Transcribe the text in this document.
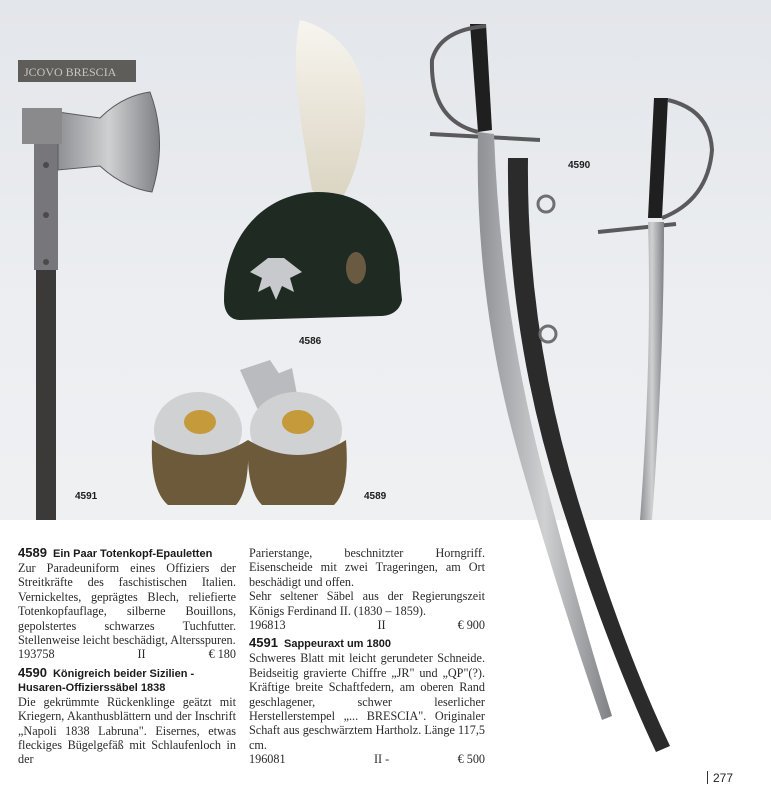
JCOVO BRESCIA
4591
4586
4589
4590
4589 Ein Paar Totenkopf-Epauletten

Zur Paradeuniform eines Offiziers der Streitkräfte des faschistischen Italien. Vernickeltes, geprägtes Blech, reliefierte Totenkopfauflage, silberne Bouillons, gepolstertes schwarzes Tuchfutter. Stellenweise leicht beschädigt, Altersspuren.

193758	II	€ 180
4590 Königreich beider Sizilien - Husaren-Offizierssäbel 1838

Die gekrümmte Rückenklinge geätzt mit Kriegern, Akanthusblättern und der Inschrift „Napoli 1838 Labruna". Eisernes, etwas fleckiges Bügelgefäß mit Schlaufenloch in der

Parierstange, beschnitzter Horngriff. Eisenscheide mit zwei Trageringen, am Ort beschädigt und offen.

Sehr seltener Säbel aus der Regierungszeit Königs Ferdinand II. (1830 – 1859).

196813	II	€ 900
4591 Sappeuraxt um 1800

Schweres Blatt mit leicht gerundeter Schneide. Beidseitig gravierte Chiffre „JR" und „QP"(?). Kräftige breite Schaftfedern, am oberen Rand geschlagener, schwer leserlicher Herstellerstempel „... BRESCIA". Originaler Schaft aus geschwärztem Hartholz. Länge 117,5 cm.

196081	II -	€ 500
277
